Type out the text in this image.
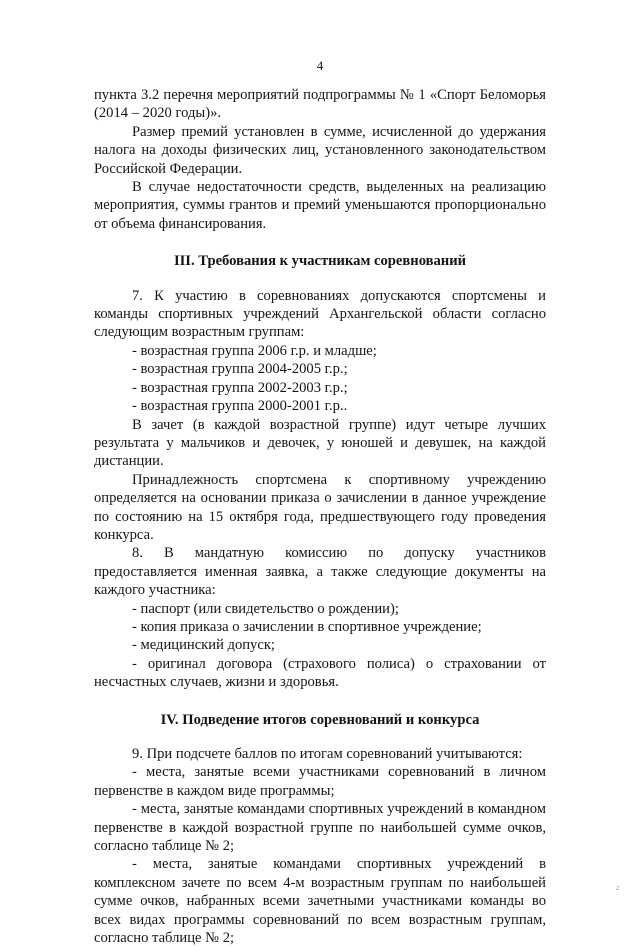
4

пункта 3.2 перечня мероприятий подпрограммы № 1 «Спорт Беломорья (2014 – 2020 годы)».

Размер премий установлен в сумме, исчисленной до удержания налога на доходы физических лиц, установленного законодательством Российской Федерации.

В случае недостаточности средств, выделенных на реализацию мероприятия, суммы грантов и премий уменьшаются пропорционально от объема финансирования.

III. Требования к участникам соревнований

7. К участию в соревнованиях допускаются спортсмены и команды спортивных учреждений Архангельской области согласно следующим возрастным группам:

- возрастная группа 2006 г.р. и младше;

- возрастная группа 2004-2005 г.р.;

- возрастная группа 2002-2003 г.р.;

- возрастная группа 2000-2001 г.р..

В зачет (в каждой возрастной группе) идут четыре лучших результата у мальчиков и девочек, у юношей и девушек, на каждой дистанции.

Принадлежность спортсмена к спортивному учреждению определяется на основании приказа о зачислении в данное учреждение по состоянию на 15 октября года, предшествующего году проведения конкурса.

8. В мандатную комиссию по допуску участников предоставляется именная заявка, а также следующие документы на каждого участника:

- паспорт (или свидетельство о рождении);

- копия приказа о зачислении в спортивное учреждение;

- медицинский допуск;

- оригинал договора (страхового полиса) о страховании от несчастных случаев, жизни и здоровья.

IV. Подведение итогов соревнований и конкурса

9. При подсчете баллов по итогам соревнований учитываются:

- места, занятые всеми участниками соревнований в личном первенстве в каждом виде программы;

- места, занятые командами спортивных учреждений в командном первенстве в каждой возрастной группе по наибольшей сумме очков, согласно таблице № 2;

- места, занятые командами спортивных учреждений в комплексном зачете по всем 4-м возрастным группам по наибольшей сумме очков, набранных всеми зачетными участниками команды во всех видах программы соревнований по всем возрастным группам, согласно таблице № 2;

2
